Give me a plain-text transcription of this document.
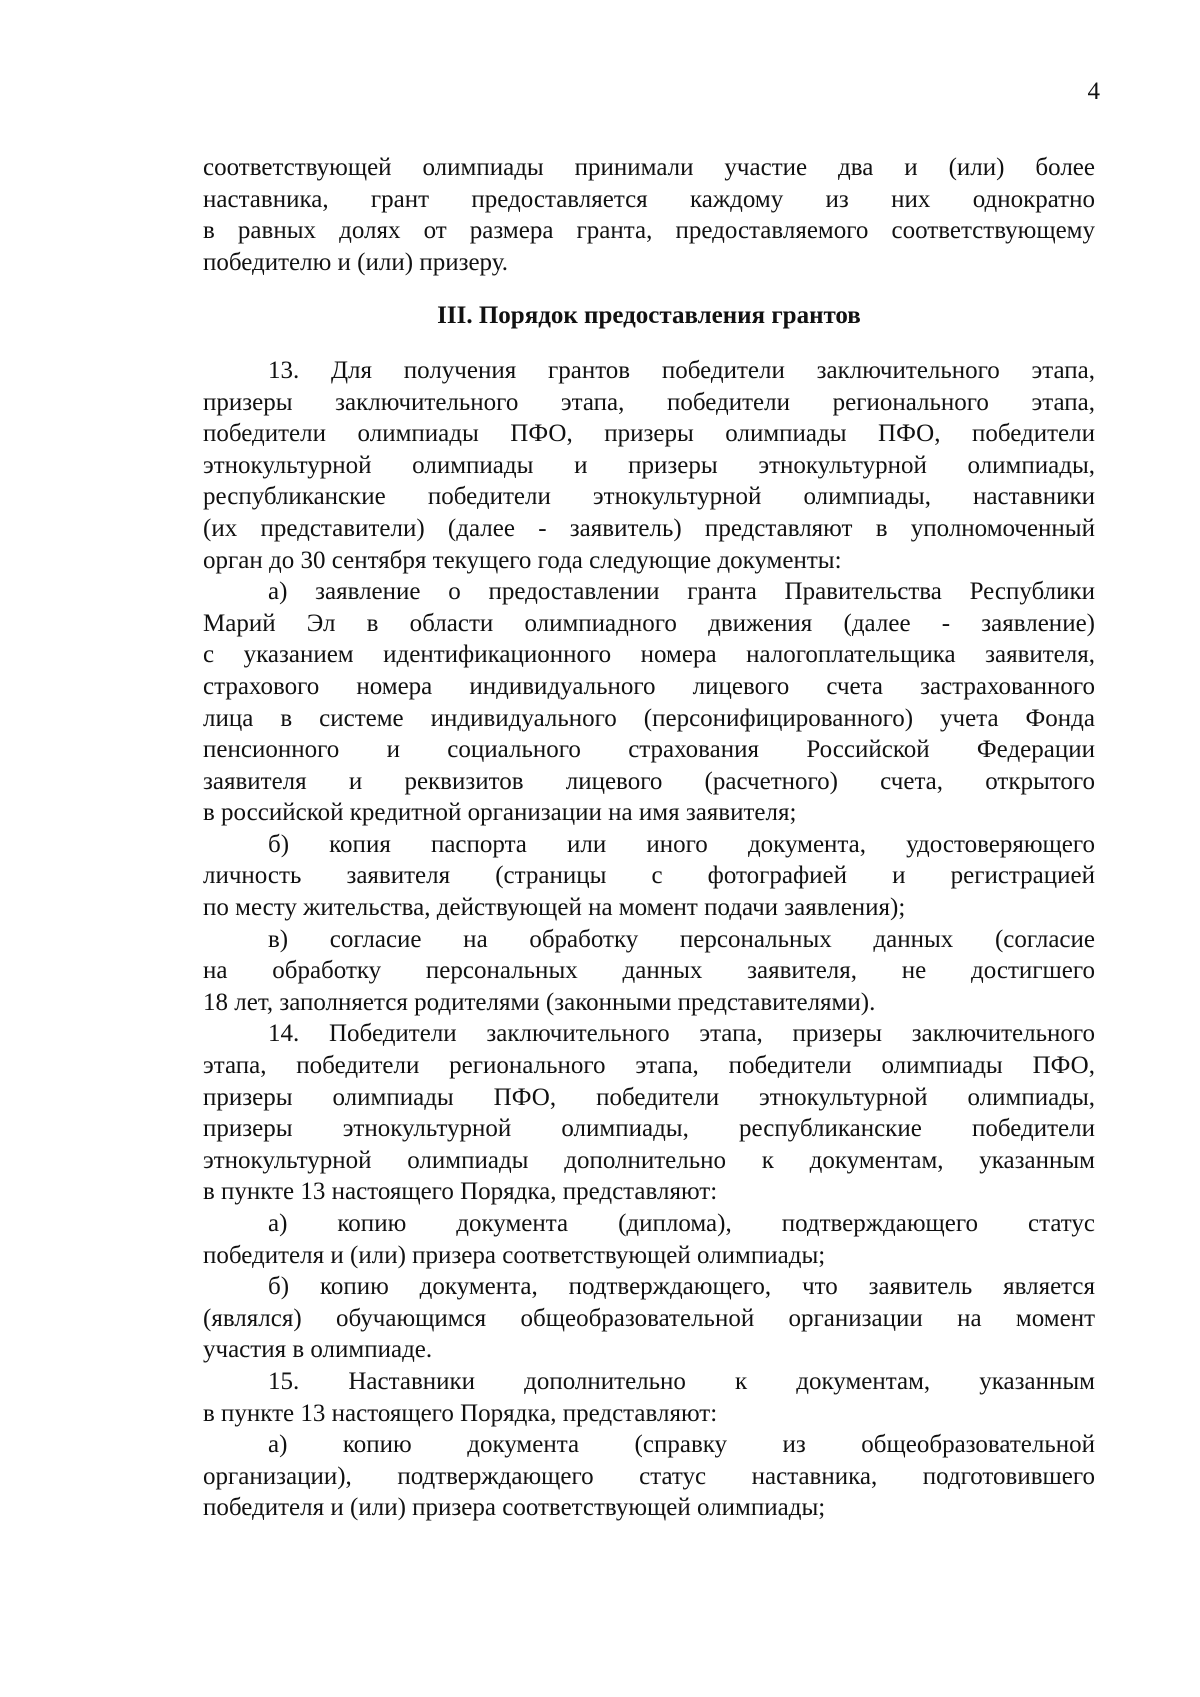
4
соответствующей олимпиады принимали участие два и (или) более
наставника, грант предоставляется каждому из них однократно
в равных долях от размера гранта, предоставляемого соответствующему
победителю и (или) призеру.
III. Порядок предоставления грантов
13. Для получения грантов победители заключительного этапа,
призеры заключительного этапа, победители регионального этапа,
победители олимпиады ПФО, призеры олимпиады ПФО, победители
этнокультурной олимпиады и призеры этнокультурной олимпиады,
республиканские победители этнокультурной олимпиады, наставники
(их представители) (далее - заявитель) представляют в уполномоченный
орган до 30 сентября текущего года следующие документы:
а) заявление о предоставлении гранта Правительства Республики
Марий Эл в области олимпиадного движения (далее - заявление)
с указанием идентификационного номера налогоплательщика заявителя,
страхового номера индивидуального лицевого счета застрахованного
лица в системе индивидуального (персонифицированного) учета Фонда
пенсионного и социального страхования Российской Федерации
заявителя и реквизитов лицевого (расчетного) счета, открытого
в российской кредитной организации на имя заявителя;
б) копия паспорта или иного документа, удостоверяющего
личность заявителя (страницы с фотографией и регистрацией
по месту жительства, действующей на момент подачи заявления);
в) согласие на обработку персональных данных (согласие
на обработку персональных данных заявителя, не достигшего
18 лет, заполняется родителями (законными представителями).
14. Победители заключительного этапа, призеры заключительного
этапа, победители регионального этапа, победители олимпиады ПФО,
призеры олимпиады ПФО, победители этнокультурной олимпиады,
призеры этнокультурной олимпиады, республиканские победители
этнокультурной олимпиады дополнительно к документам, указанным
в пункте 13 настоящего Порядка, представляют:
а) копию документа (диплома), подтверждающего статус
победителя и (или) призера соответствующей олимпиады;
б) копию документа, подтверждающего, что заявитель является
(являлся) обучающимся общеобразовательной организации на момент
участия в олимпиаде.
15. Наставники дополнительно к документам, указанным
в пункте 13 настоящего Порядка, представляют:
а) копию документа (справку из общеобразовательной
организации), подтверждающего статус наставника, подготовившего
победителя и (или) призера соответствующей олимпиады;
